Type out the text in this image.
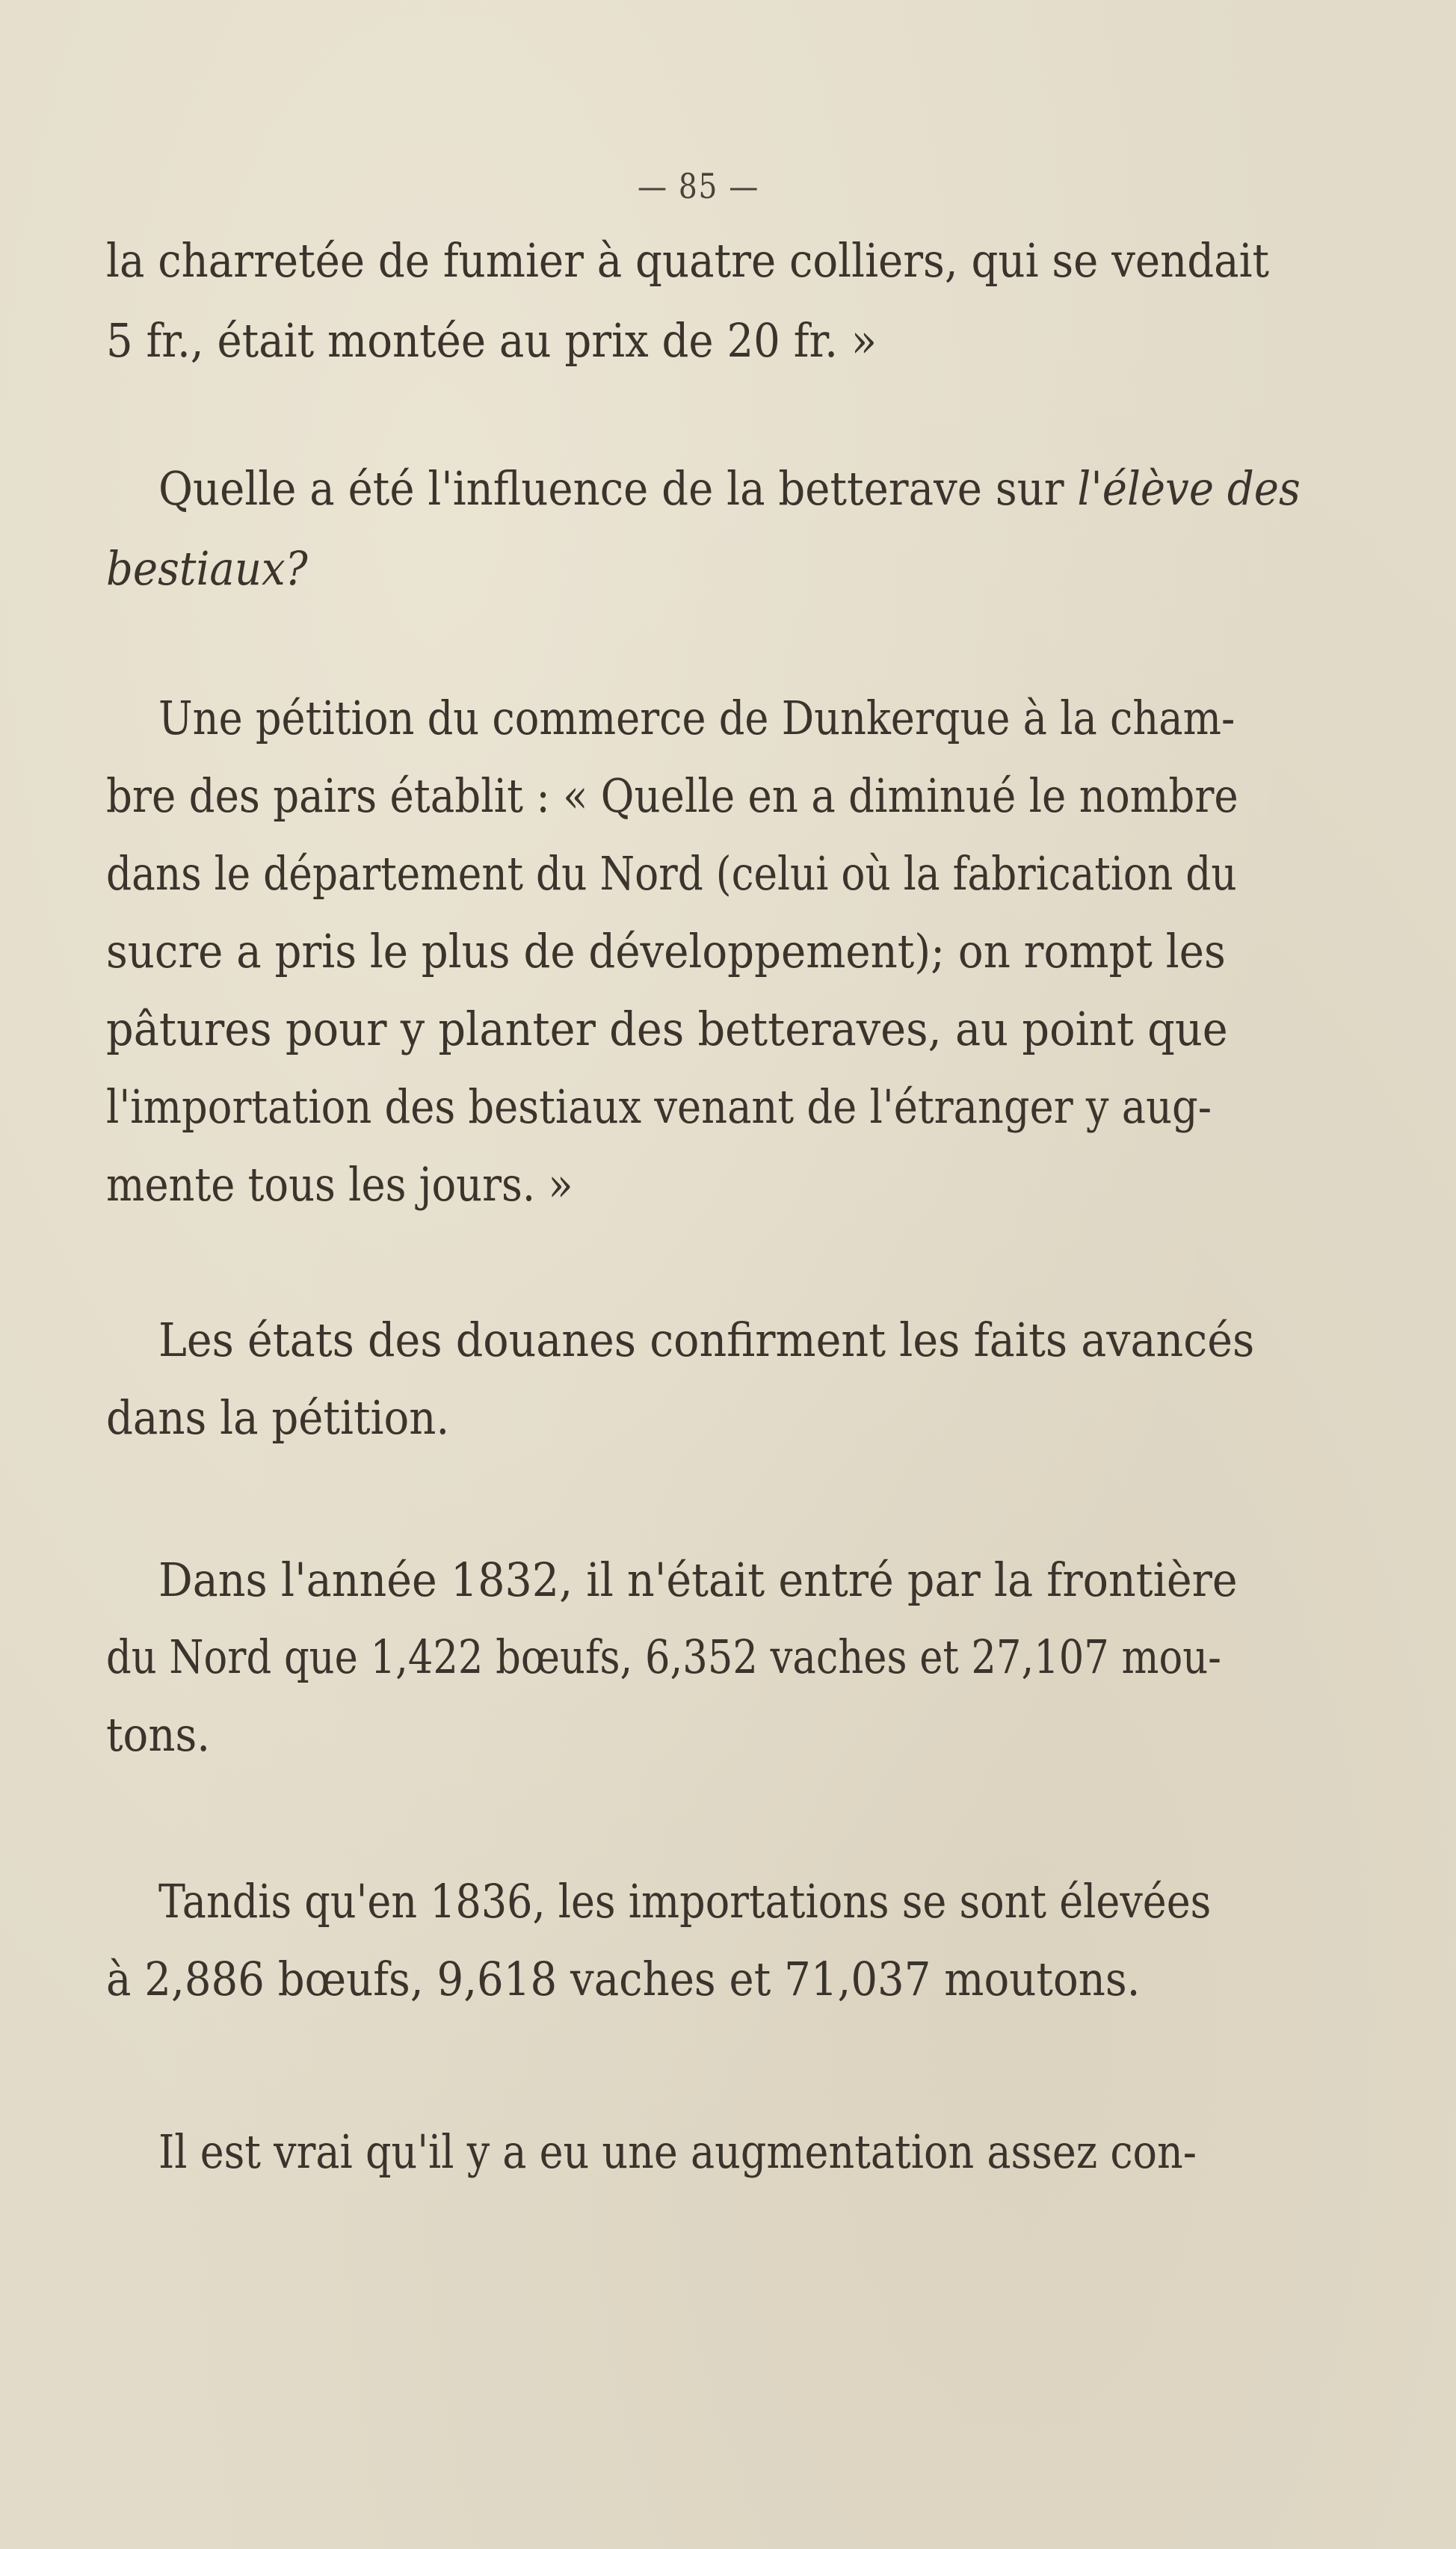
— 85 —
la charretée de fumier à quatre colliers, qui se vendait
5 fr., était montée au prix de 20 fr. »
Quelle a été l'influence de la betterave sur l'élève des
bestiaux?
Une pétition du commerce de Dunkerque à la cham-
bre des pairs établit : « Quelle en a diminué le nombre
dans le département du Nord (celui où la fabrication du
sucre a pris le plus de développement); on rompt les
pâtures pour y planter des betteraves, au point que
l'importation des bestiaux venant de l'étranger y aug-
mente tous les jours. »
Les états des douanes confirment les faits avancés
dans la pétition.
Dans l'année 1832, il n'était entré par la frontière
du Nord que 1,422 bœufs, 6,352 vaches et 27,107 mou-
tons.
Tandis qu'en 1836, les importations se sont élevées
à 2,886 bœufs, 9,618 vaches et 71,037 moutons.
Il est vrai qu'il y a eu une augmentation assez con-
